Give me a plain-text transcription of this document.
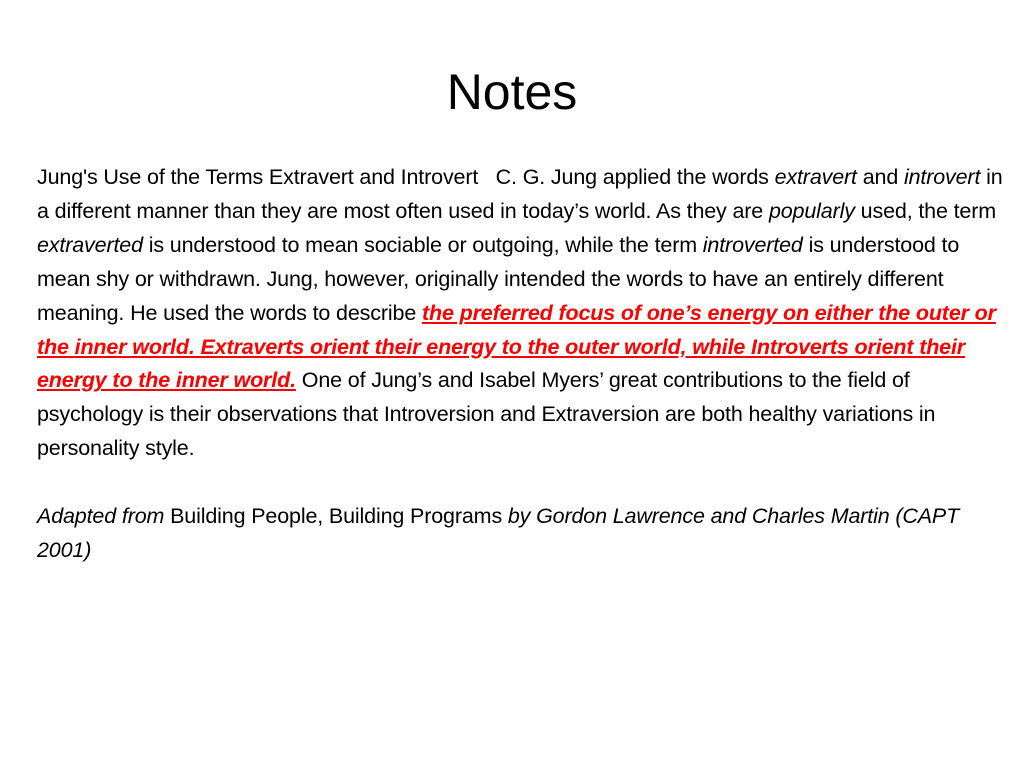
Notes

Jung's Use of the Terms Extravert and Introvert C. G. Jung applied the words extravert and introvert in a different manner than they are most often used in today’s world. As they are popularly used, the term extraverted is understood to mean sociable or outgoing, while the term introverted is understood to mean shy or withdrawn. Jung, however, originally intended the words to have an entirely different meaning. He used the words to describe the preferred focus of one’s energy on either the outer or the inner world. Extraverts orient their energy to the outer world, while Introverts orient their energy to the inner world. One of Jung’s and Isabel Myers’ great contributions to the field of psychology is their observations that Introversion and Extraversion are both healthy variations in personality style.

Adapted from Building People, Building Programs by Gordon Lawrence and Charles Martin (CAPT 2001)
